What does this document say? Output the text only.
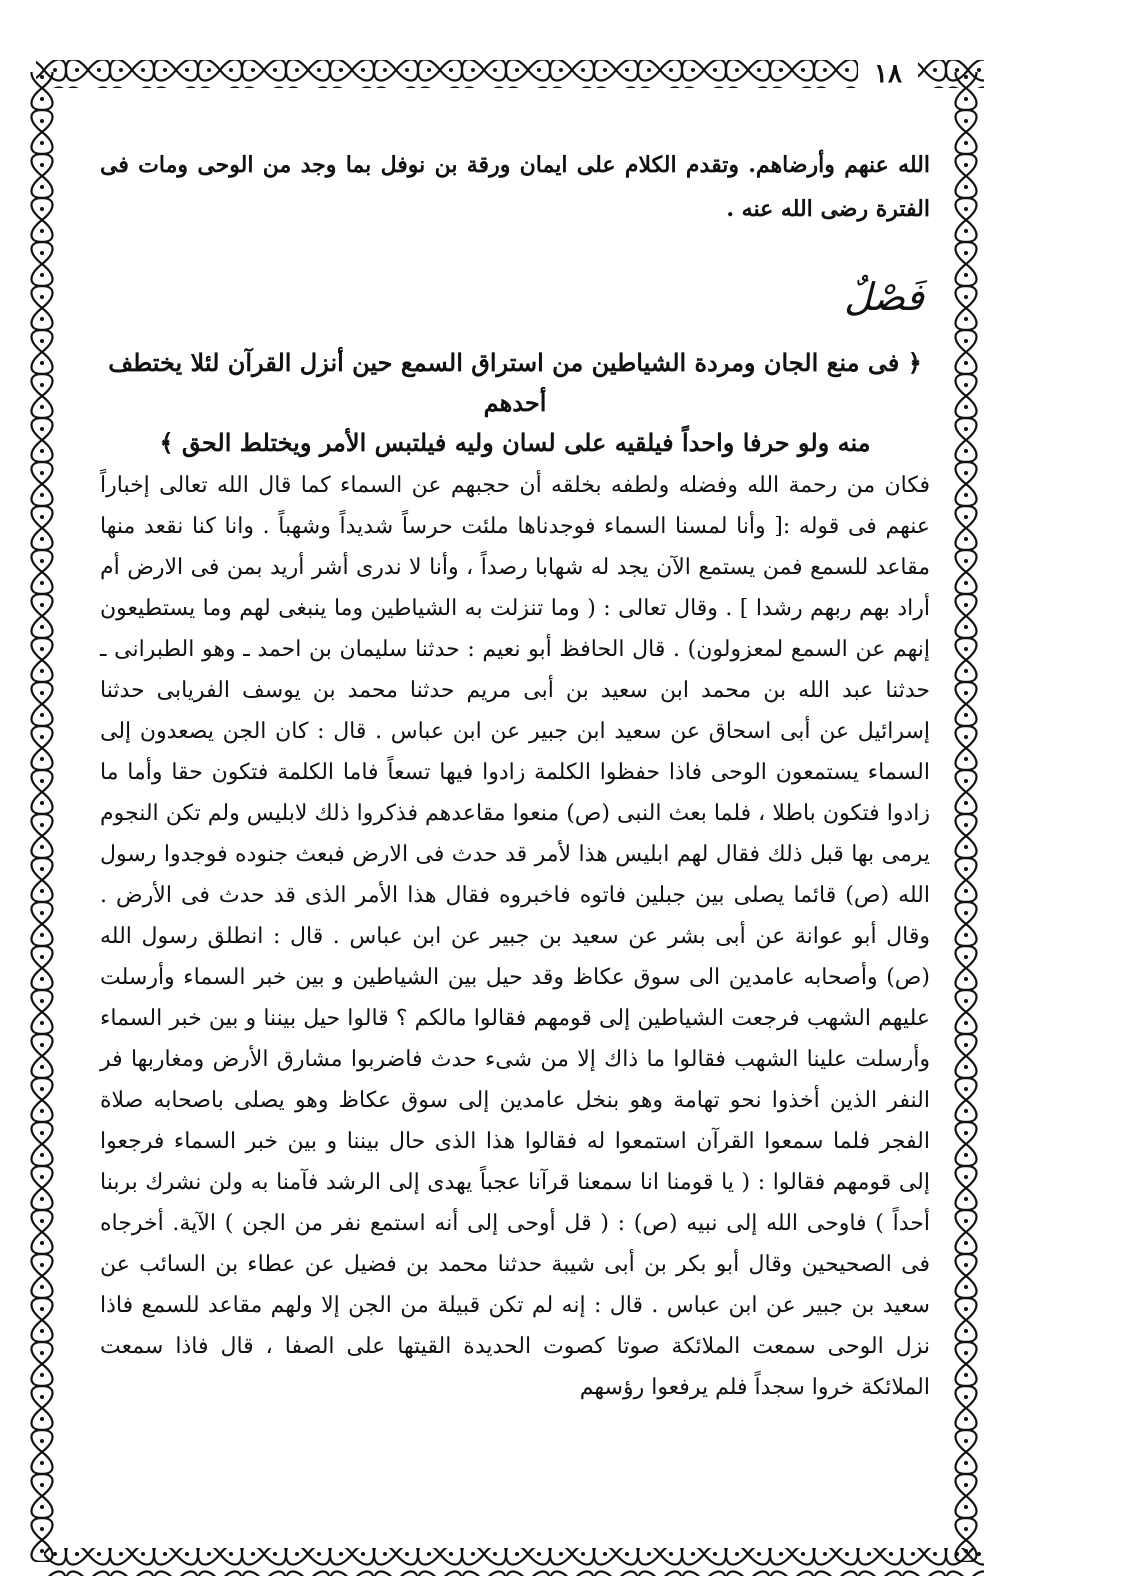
١٨

الله عنهم وأرضاهم. وتقدم الكلام على ايمان ورقة بن نوفل بما وجد من الوحى ومات فى الفترة رضى الله عنه .

فَصْلٌ
﴿ فى منع الجان ومردة الشياطين من استراق السمع حين أنزل القرآن لئلا يختطف أحدهم
منه ولو حرفا واحداً فيلقيه على لسان وليه فيلتبس الأمر ويختلط الحق ﴾

فكان من رحمة الله وفضله ولطفه بخلقه أن حجبهم عن السماء كما قال الله تعالى إخباراً عنهم فى قوله :[ وأنا لمسنا السماء فوجدناها ملئت حرساً شديداً وشهباً . وانا كنا نقعد منها مقاعد للسمع فمن يستمع الآن يجد له شهابا رصداً ، وأنا لا ندرى أشر أريد بمن فى الارض أم أراد بهم ربهم رشدا ] . وقال تعالى : ( وما تنزلت به الشياطين وما ينبغى لهم وما يستطيعون إنهم عن السمع لمعزولون) . قال الحافظ أبو نعيم : حدثنا سليمان بن احمد ـ وهو الطبرانى ـ حدثنا عبد الله بن محمد ابن سعيد بن أبى مريم حدثنا محمد بن يوسف الفريابى حدثنا إسرائيل عن أبى اسحاق عن سعيد ابن جبير عن ابن عباس . قال : كان الجن يصعدون إلى السماء يستمعون الوحى فاذا حفظوا الكلمة زادوا فيها تسعاً فاما الكلمة فتكون حقا وأما ما زادوا فتكون باطلا ، فلما بعث النبى (ص) منعوا مقاعدهم فذكروا ذلك لابليس ولم تكن النجوم يرمى بها قبل ذلك فقال لهم ابليس هذا لأمر قد حدث فى الارض فبعث جنوده فوجدوا رسول الله (ص) قائما يصلى بين جبلين فاتوه فاخبروه فقال هذا الأمر الذى قد حدث فى الأرض . وقال أبو عوانة عن أبى بشر عن سعيد بن جبير عن ابن عباس . قال : انطلق رسول الله (ص) وأصحابه عامدين الى سوق عكاظ وقد حيل بين الشياطين و بين خبر السماء وأرسلت عليهم الشهب فرجعت الشياطين إلى قومهم فقالوا مالكم ؟ قالوا حيل بيننا و بين خبر السماء وأرسلت علينا الشهب فقالوا ما ذاك إلا من شىء حدث فاضربوا مشارق الأرض ومغاربها فر النفر الذين أخذوا نحو تهامة وهو بنخل عامدين إلى سوق عكاظ وهو يصلى باصحابه صلاة الفجر فلما سمعوا القرآن استمعوا له فقالوا هذا الذى حال بيننا و بين خبر السماء فرجعوا إلى قومهم فقالوا : ( يا قومنا انا سمعنا قرآنا عجباً يهدى إلى الرشد فآمنا به ولن نشرك بربنا أحداً ) فاوحى الله إلى نبيه (ص) : ( قل أوحى إلى أنه استمع نفر من الجن ) الآية. أخرجاه فى الصحيحين وقال أبو بكر بن أبى شيبة حدثنا محمد بن فضيل عن عطاء بن السائب عن سعيد بن جبير عن ابن عباس . قال : إنه لم تكن قبيلة من الجن إلا ولهم مقاعد للسمع فاذا نزل الوحى سمعت الملائكة صوتا كصوت الحديدة القيتها على الصفا ، قال فاذا سمعت الملائكة خروا سجداً فلم يرفعوا رؤسهم
